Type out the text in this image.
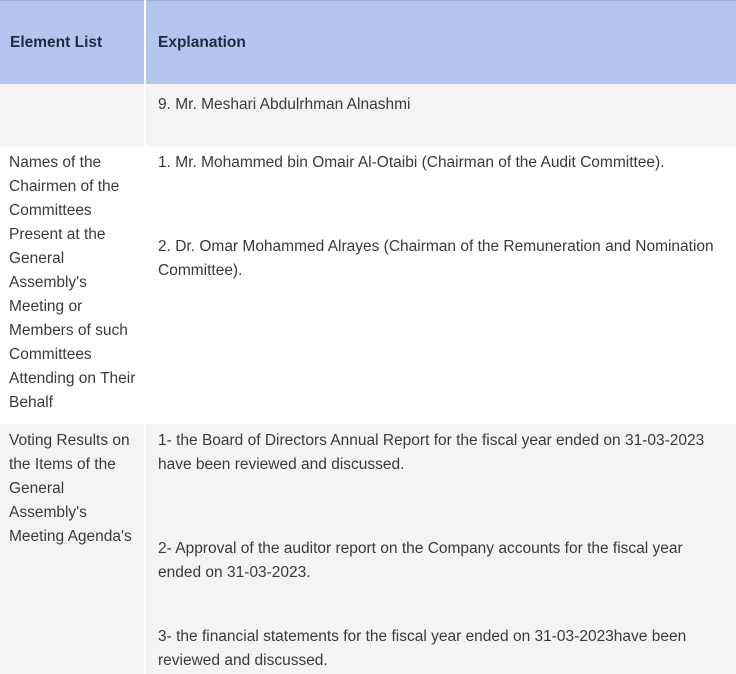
Element List	Explanation

9. Mr. Meshari Abdulrhman Alnashmi

Names of the Chairmen of the Committees Present at the General Assembly's Meeting or Members of such Committees Attending on Their Behalf

1. Mr. Mohammed bin Omair Al-Otaibi (Chairman of the Audit Committee).

2. Dr. Omar Mohammed Alrayes (Chairman of the Remuneration and Nomination Committee).

Voting Results on the Items of the General Assembly's Meeting Agenda's

1- the Board of Directors Annual Report for the fiscal year ended on 31-03-2023 have been reviewed and discussed.

2- Approval of the auditor report on the Company accounts for the fiscal year ended on 31-03-2023.

3- the financial statements for the fiscal year ended on 31-03-2023have been reviewed and discussed.
